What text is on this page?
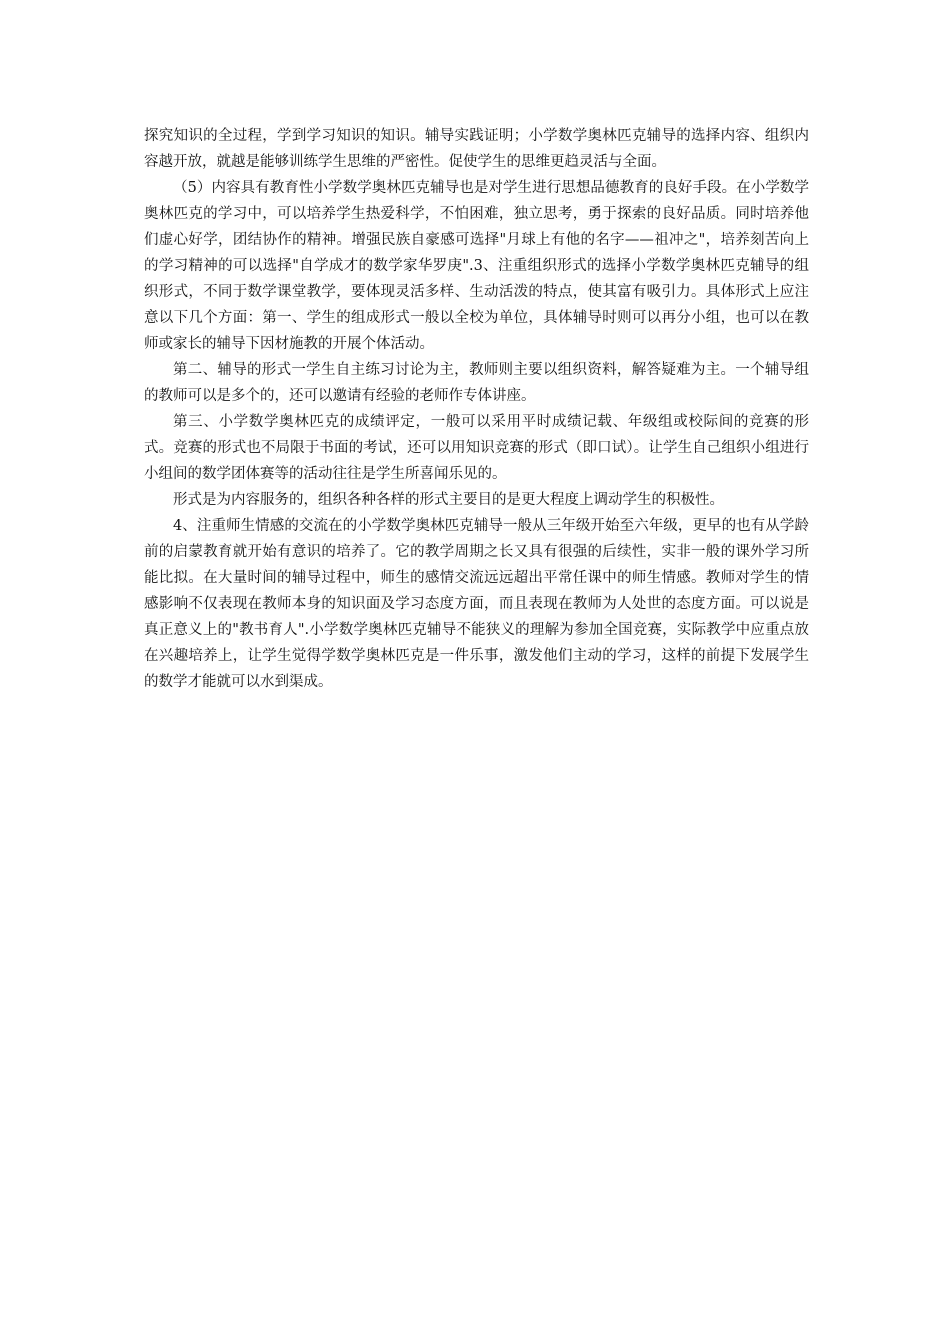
探究知识的全过程，学到学习知识的知识。辅导实践证明；小学数学奥林匹克辅导的选择内容、组织内容越开放，就越是能够训练学生思维的严密性。促使学生的思维更趋灵活与全面。

（5）内容具有教育性小学数学奥林匹克辅导也是对学生进行思想品德教育的良好手段。在小学数学奥林匹克的学习中，可以培养学生热爱科学，不怕困难，独立思考，勇于探索的良好品质。同时培养他们虚心好学，团结协作的精神。增强民族自豪感可选择"月球上有他的名字——祖冲之"，培养刻苦向上的学习精神的可以选择"自学成才的数学家华罗庚".3、注重组织形式的选择小学数学奥林匹克辅导的组织形式，不同于数学课堂教学，要体现灵活多样、生动活泼的特点，使其富有吸引力。具体形式上应注意以下几个方面：第一、学生的组成形式一般以全校为单位，具体辅导时则可以再分小组，也可以在教师或家长的辅导下因材施教的开展个体活动。

第二、辅导的形式一学生自主练习讨论为主，教师则主要以组织资料，解答疑难为主。一个辅导组的教师可以是多个的，还可以邀请有经验的老师作专体讲座。

第三、小学数学奥林匹克的成绩评定，一般可以采用平时成绩记载、年级组或校际间的竞赛的形式。竞赛的形式也不局限于书面的考试，还可以用知识竞赛的形式（即口试）。让学生自己组织小组进行小组间的数学团体赛等的活动往往是学生所喜闻乐见的。

形式是为内容服务的，组织各种各样的形式主要目的是更大程度上调动学生的积极性。

4、注重师生情感的交流在的小学数学奥林匹克辅导一般从三年级开始至六年级，更早的也有从学龄前的启蒙教育就开始有意识的培养了。它的教学周期之长又具有很强的后续性，实非一般的课外学习所能比拟。在大量时间的辅导过程中，师生的感情交流远远超出平常任课中的师生情感。教师对学生的情感影响不仅表现在教师本身的知识面及学习态度方面，而且表现在教师为人处世的态度方面。可以说是真正意义上的"教书育人".小学数学奥林匹克辅导不能狭义的理解为参加全国竞赛，实际教学中应重点放在兴趣培养上，让学生觉得学数学奥林匹克是一件乐事，激发他们主动的学习，这样的前提下发展学生的数学才能就可以水到渠成。
